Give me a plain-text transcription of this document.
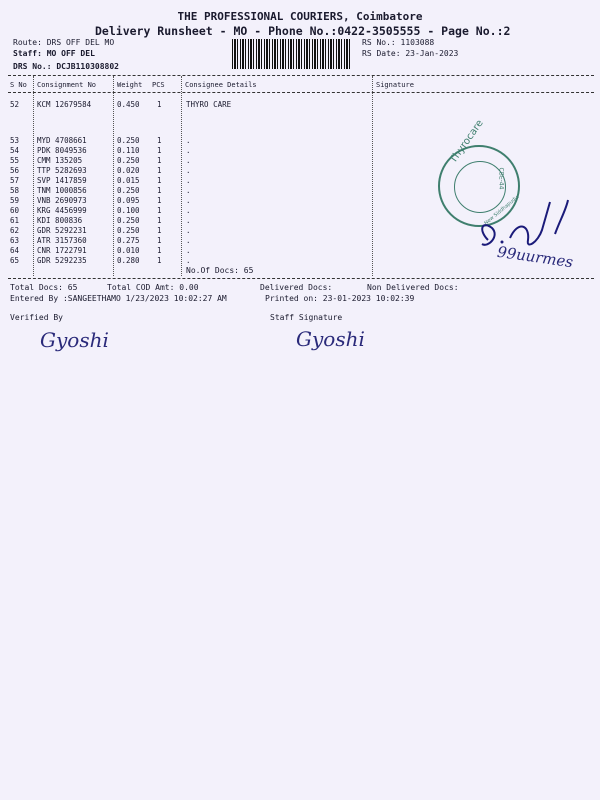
THE PROFESSIONAL COURIERS, Coimbatore
Delivery Runsheet - MO - Phone No.:0422-3505555 - Page No.:2
Route: DRS OFF DEL MO
Staff: MO OFF DEL
DRS No.: DCJB110308802
RS No.: 1103088
RS Date: 23-Jan-2023
S No Consignment No	Weight PCS	Consignee Details	Signature
52 KCM 12679584	0.450 1	THYRO CARE
53 MYD 4708661	0.250 1	.
54 PDK 8049536	0.110 1	.
55 CMM 135205	0.250 1	.
56 TTP 5282693	0.020 1	.
57 SVP 1417859	0.015 1	.
58 TNM 1000856	0.250 1	.
59 VNB 2690973	0.095 1	.
60 KRG 4456999	0.100 1	.
61 KDI 800836	0.250 1	.
62 GDR 5292231	0.250 1	.
63 ATR 3157360	0.275 1	.
64 CNR 1722791	0.010 1	.
65 GDR 5292235	0.280 1	.
No.Of Docs: 65
Total Docs: 65	Total COD Amt: 0.00	Delivered Docs:	Non Delivered Docs:
Entered By :SANGEETHAMO 1/23/2023 10:02:27 AM	Printed on: 23-01-2023 10:02:39
Verified By	Staff Signature
Gyoshi	Gyoshi
Thyrocare
CBE-44
New Siddhapudur
99uurmes
